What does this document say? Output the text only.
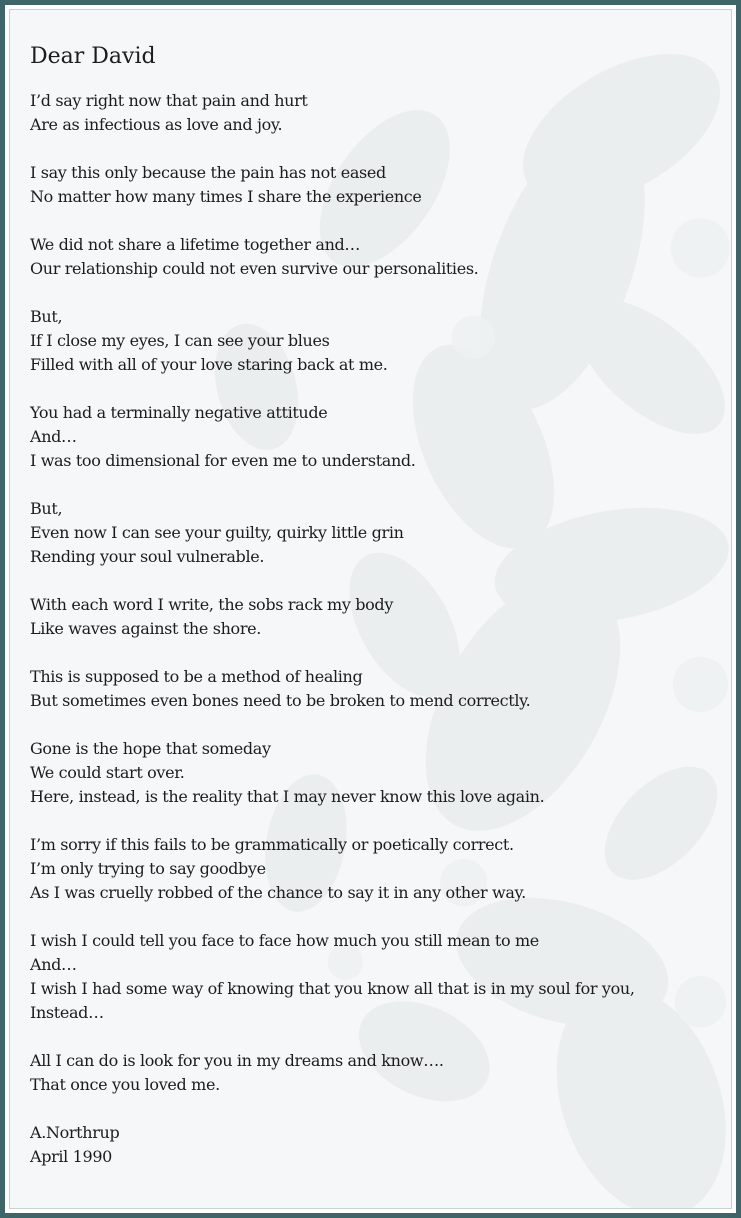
Dear David
I’d say right now that pain and hurt
Are as infectious as love and joy.
I say this only because the pain has not eased
No matter how many times I share the experience
We did not share a lifetime together and…
Our relationship could not even survive our personalities.
But,
If I close my eyes, I can see your blues
Filled with all of your love staring back at me.
You had a terminally negative attitude
And…
I was too dimensional for even me to understand.
But,
Even now I can see your guilty, quirky little grin
Rending your soul vulnerable.
With each word I write, the sobs rack my body
Like waves against the shore.
This is supposed to be a method of healing
But sometimes even bones need to be broken to mend correctly.
Gone is the hope that someday
We could start over.
Here, instead, is the reality that I may never know this love again.
I’m sorry if this fails to be grammatically or poetically correct.
I’m only trying to say goodbye
As I was cruelly robbed of the chance to say it in any other way.
I wish I could tell you face to face how much you still mean to me
And…
I wish I had some way of knowing that you know all that is in my soul for you,
Instead…
All I can do is look for you in my dreams and know….
That once you loved me.
A.Northrup
April 1990
